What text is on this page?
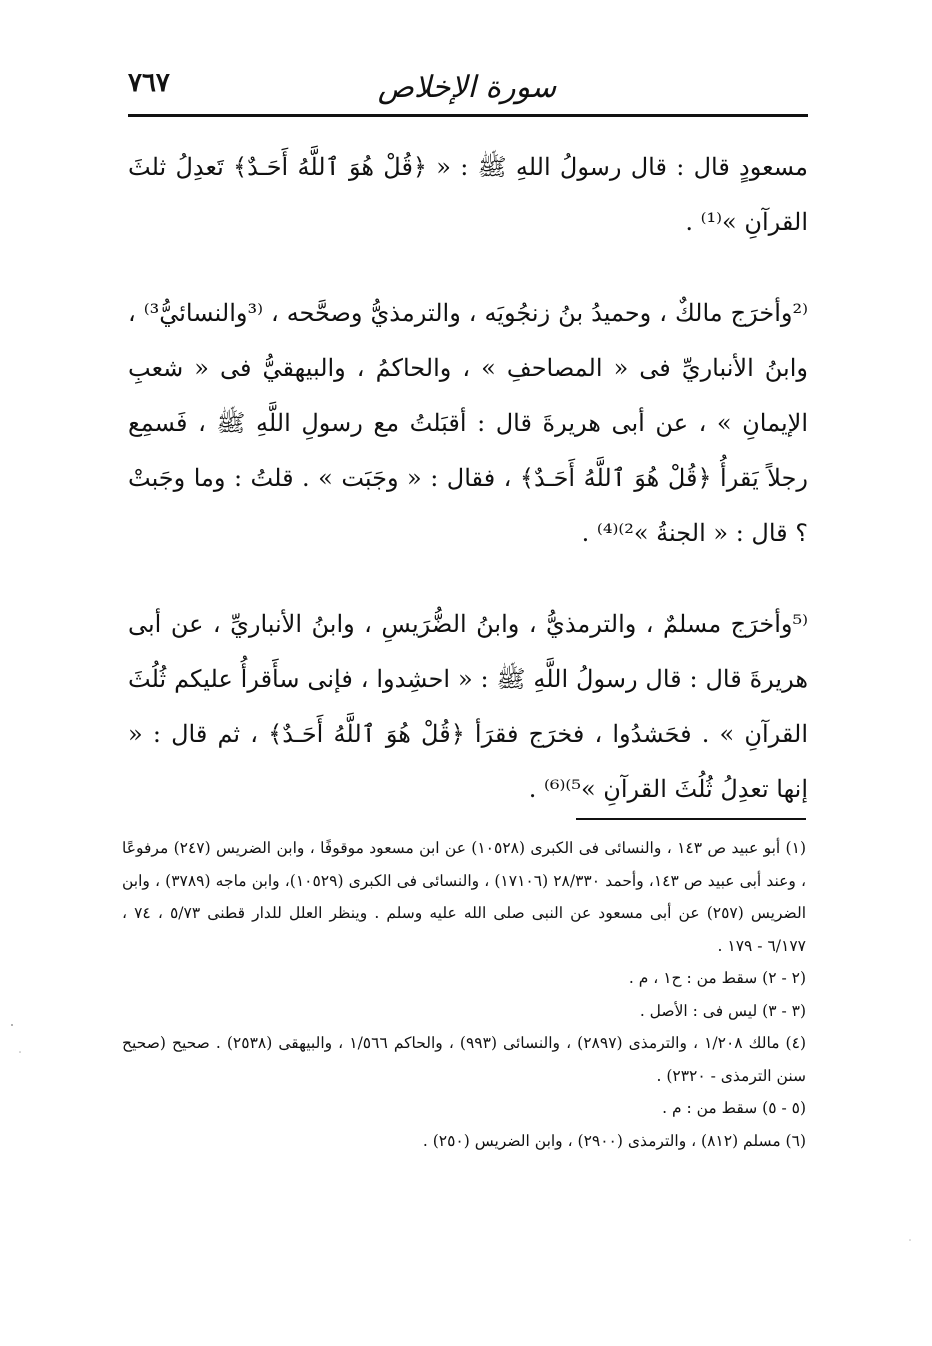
٧٦٧	سورة الإخلاص

مسعودٍ قال : قال رسولُ اللهِ ﷺ : « ﴿قُلْ هُوَ ٱللَّهُ أَحَـدٌ﴾ تَعدِلُ ثلثَ القرآنِ »⁽¹⁾ .

⁽²وأخرَج مالكٌ ، وحميدُ بنُ زنجُويَه ، والترمذيُّ وصحَّحه ، ⁽³والنسائيُّ³⁾ ، وابنُ الأنباريِّ فى « المصاحفِ » ، والحاكمُ ، والبيهقيُّ فى « شعبِ الإيمانِ » ، عن أبى هريرةَ قال : أقبَلتُ مع رسولِ اللَّهِ ﷺ ، فَسمِع رجلاً يَقرأُ ﴿قُلْ هُوَ ٱللَّهُ أَحَـدٌ﴾ ، فقال : « وجَبَت » . قلتُ : وما وجَبتْ ؟ قال : « الجنةُ »²⁾⁽⁴⁾ .

⁽⁵وأخرَج مسلمٌ ، والترمذيُّ ، وابنُ الضُّرَيسِ ، وابنُ الأنباريِّ ، عن أبى هريرةَ قال : قال رسولُ اللَّهِ ﷺ : « احشِدوا ، فإنى سأَقرأُ عليكم ثُلُثَ القرآنِ » . فحَشدُوا ، فخرَج فقرَأ ﴿قُلْ هُوَ ٱللَّهُ أَحَـدٌ﴾ ، ثم قال : « إنها تعدِلُ ثُلُثَ القرآنِ »⁵⁾⁽⁶⁾ .

(١) أبو عبيد ص ١٤٣ ، والنسائى فى الكبرى (١٠٥٢٨) عن ابن مسعود موقوفًا ، وابن الضريس (٢٤٧) مرفوعًا ، وعند أبى عبيد ص ١٤٣، وأحمد ٢٨/٣٣٠ (١٧١٠٦) ، والنسائى فى الكبرى (١٠٥٢٩)، وابن ماجه (٣٧٨٩) ، وابن الضريس (٢٥٧) عن أبى مسعود عن النبى صلى الله عليه وسلم . وينظر العلل للدار قطنى ٥/٧٣ ، ٧٤ ، ٦/١٧٧ - ١٧٩ .

(٢ - ٢) سقط من : ح١ ، م .

(٣ - ٣) ليس فى : الأصل .

(٤) مالك ١/٢٠٨ ، والترمذى (٢٨٩٧) ، والنسائى (٩٩٣) ، والحاكم ١/٥٦٦ ، والبيهقى (٢٥٣٨) . صحيح (صحيح سنن الترمذى - ٢٣٢٠) .

(٥ - ٥) سقط من : م .

(٦) مسلم (٨١٢) ، والترمذى (٢٩٠٠) ، وابن الضريس (٢٥٠) .
